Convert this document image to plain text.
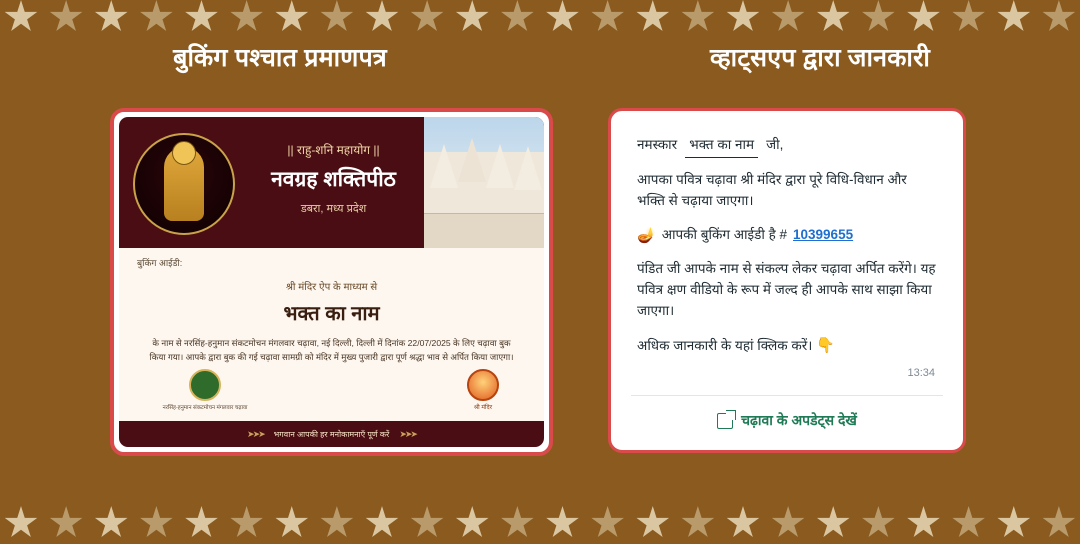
बुकिंग पश्चात प्रमाणपत्र	व्हाट्सएप द्वारा जानकारी
|| राहु-शनि महायोग ||
नवग्रह शक्तिपीठ
डबरा, मध्य प्रदेश
बुकिंग आईडी:
श्री मंदिर ऐप के माध्यम से
भक्त का नाम
के नाम से नरसिंह-हनुमान संकटमोचन मंगलवार चढ़ावा, नई दिल्ली, दिल्ली में दिनांक 22/07/2025 के लिए चढ़ावा बुक किया गया। आपके द्वारा बुक की गई चढ़ावा सामग्री को मंदिर में मुख्य पुजारी द्वारा पूर्ण श्रद्धा भाव से अर्पित किया जाएगा।
नरसिंह-हनुमान संकटमोचन मंगलवार चढ़ावा	श्री मंदिर
➤➤➤ भगवान आपकी हर मनोकामनाएँ पूर्ण करें ➤➤➤
नमस्कार भक्त का नाम जी,
आपका पवित्र चढ़ावा श्री मंदिर द्वारा पूरे विधि-विधान और भक्ति से चढ़ाया जाएगा।
🪔 आपकी बुकिंग आईडी है # 10399655
पंडित जी आपके नाम से संकल्प लेकर चढ़ावा अर्पित करेंगे। यह पवित्र क्षण वीडियो के रूप में जल्द ही आपके साथ साझा किया जाएगा।
अधिक जानकारी के यहां क्लिक करें। 👇
13:34
चढ़ावा के अपडेट्स देखें
